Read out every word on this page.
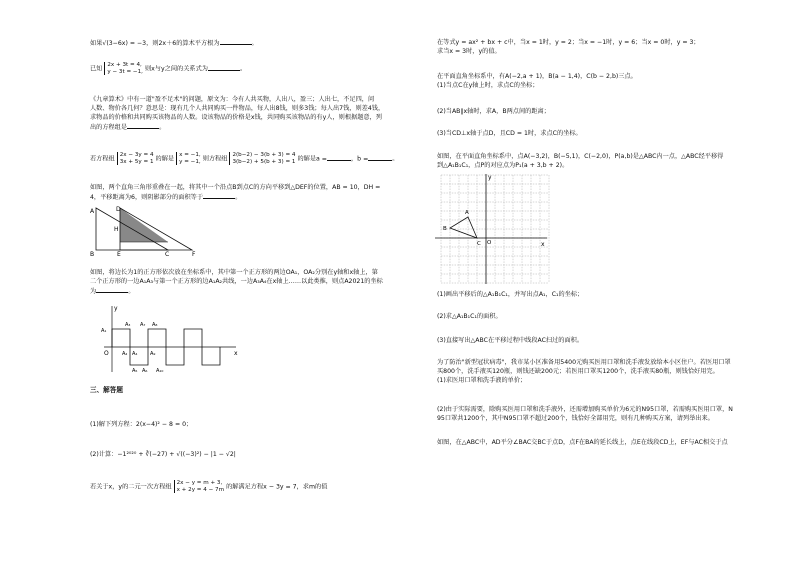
如果√(3−6x) = −3，则2x＋6的算术平方根为	。
已知2x + 3t = 4,
y − 3t = −1, 则x与y之间的关系式为	。
《九章算术》中有一道"盈不足术"的问题，原文为：今有人共买物，人出八，盈三；人出七，不足四，问
人数、物价各几何？意思是：现有几个人共同购买一件物品，每人出8钱，则多3钱；每人出7钱，则差4钱，
求物品的价格和共同购买该物品的人数。设该物品的价格是x钱，共同购买该物品的有y人，则根据题意，列
出的方程组是	。
若方程组2x − 3y = 4
3x + 5y = 1 的解是x = −1,
y = −1, 则方程组2(b−2) − 3(b + 3) = 4
3(b−2) + 5(b + 3) = 1 的解是a =	，b =	。
如图，两个直角三角形重叠在一起，将其中一个沿点B到点C的方向平移到△DEF的位置，AB = 10，DH =
4，平移距离为6，则阴影部分的面积等于	。
A	D
H
B	E	C	F
如图，将边长为1的正方形依次放在坐标系中，其中第一个正方形的两边OA₁，OA₂分别在y轴和x轴上，第
二个正方形的一边A₁A₃与第一个正方形的边A₁A₂共线，一边A₃A₄在x轴上……以此类推，则点A2021的坐标
为	。
y
x
O
A₁
A₂
A₃
A₄
A₅ A₆
A₇ A₈
A₉
A₁₀
三、解答题
(1)解下列方程：2(x−4)² − 8 = 0；
(2)计算：−1²⁰²⁰ + ∛(−27) + √((−3)²) − |1 − √2|
若关于x，y的二元一次方程组2x − y = m + 3,
x + 2y = 4 − 7m 的解满足方程x − 3y = 7，求m的值
在等式y = ax² + bx + c中，当x = 1时，y = 2；当x = −1时，y = 6；当x = 0时，y = 3；
求当x = 3时，y的值。
在平面直角坐标系中，有A(−2,a + 1)，B(a − 1,4)，C(b − 2,b)三点。
(1)当点C在y轴上时，求点C的坐标；
(2)当AB∥x轴时，求A，B两点间的距离；
(3)当CD⊥x轴于点D，且CD = 1时，求点C的坐标。
如图，在平面直角坐标系中，点A(−3,2)，B(−5,1)，C(−2,0)，P(a,b)是△ABC内一点，△ABC经平移得
到△A₁B₁C₁，点P的对应点为P₁(a + 3,b + 2)。
x
y
O
A
B
C
(1)画出平移后的△A₁B₁C₁，并写出点A₁，C₁的坐标；
(2)求△A₁B₁C₁的面积。
(3)直接写出△ABC在平移过程中线段AC扫过的面积。
为了防治"新型冠状病毒"，我市某小区准备用5400元购买医用口罩和洗手液发放给本小区住户。若医用口罩
买800个，洗手液买120瓶，则钱还缺200元；若医用口罩买1200个，洗手液买80瓶，则钱恰好用完。
(1)求医用口罩和洗手液的单价；
(2)由于实际需要，除购买医用口罩和洗手液外，还需增加购买单价为6元的N95口罩，若需购买医用口罩，N
95口罩共1200个，其中N95口罩不超过200个，钱恰好全部用完，则有几种购买方案，请列举出来。
如图，在△ABC中，AD平分∠BAC交BC于点D，点F在BA的延长线上，点E在线段CD上，EF与AC相交于点
